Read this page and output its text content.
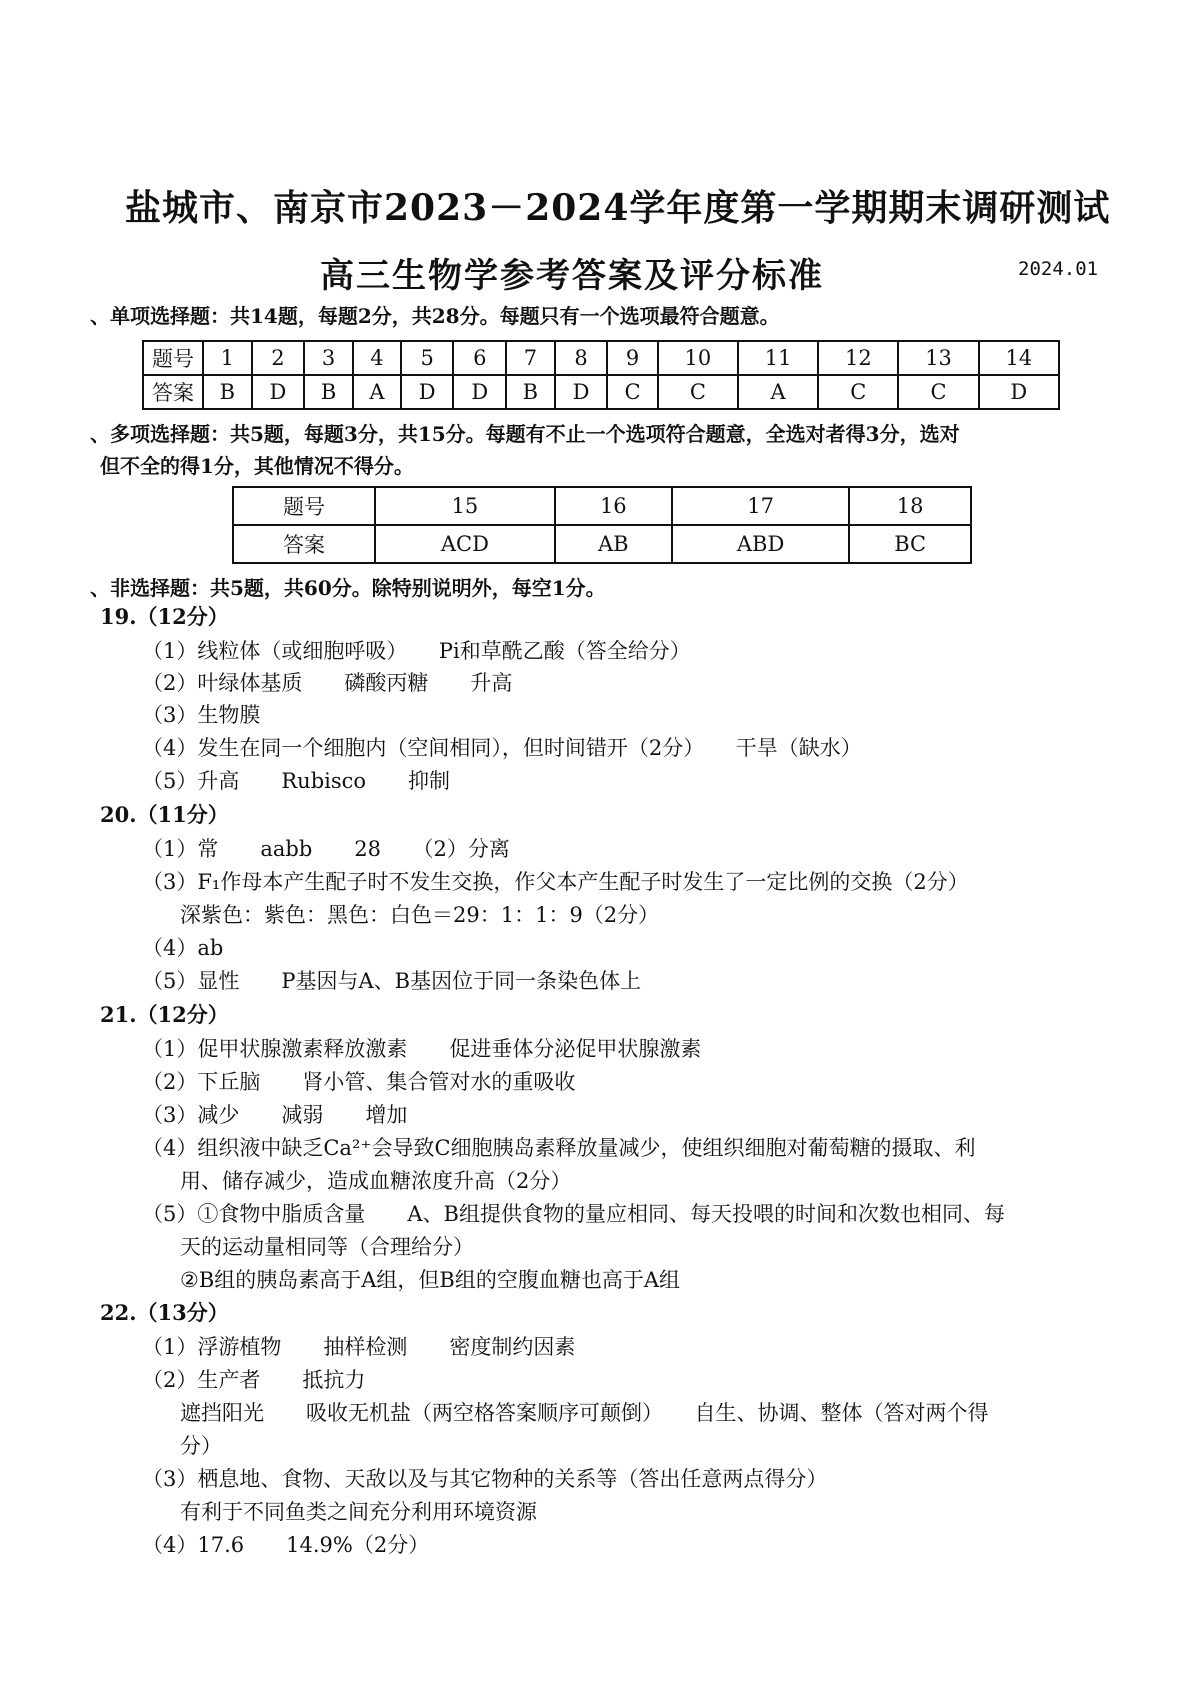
盐城市、南京市2023－2024学年度第一学期期末调研测试
高三生物学参考答案及评分标准	2024.01
、单项选择题：共14题，每题2分，共28分。每题只有一个选项最符合题意。
题号	1	2	3	4	5	6	7	8	9	10	11	12	13	14
答案	B	D	B	A	D	D	B	D	C	C	A	C	C	D
、多项选择题：共5题，每题3分，共15分。每题有不止一个选项符合题意，全选对者得3分，选对
但不全的得1分，其他情况不得分。
题号	15	16	17	18
答案	ACD	AB	ABD	BC
、非选择题：共5题，共60分。除特别说明外，每空1分。
19.（12分）
（1）线粒体（或细胞呼吸）　　Pi和草酰乙酸（答全给分）
（2）叶绿体基质　　磷酸丙糖　　升高
（3）生物膜
（4）发生在同一个细胞内（空间相同），但时间错开（2分）　　干旱（缺水）
（5）升高　　Rubisco　　抑制
20.（11分）
（1）常　　aabb　　28　　（2）分离
（3）F₁作母本产生配子时不发生交换，作父本产生配子时发生了一定比例的交换（2分）
深紫色：紫色：黑色：白色＝29：1：1：9（2分）
（4）ab
（5）显性　　P基因与A、B基因位于同一条染色体上
21.（12分）
（1）促甲状腺激素释放激素　　促进垂体分泌促甲状腺激素
（2）下丘脑　　肾小管、集合管对水的重吸收
（3）减少　　减弱　　增加
（4）组织液中缺乏Ca²⁺会导致C细胞胰岛素释放量减少，使组织细胞对葡萄糖的摄取、利
用、储存减少，造成血糖浓度升高（2分）
（5）①食物中脂质含量　　A、B组提供食物的量应相同、每天投喂的时间和次数也相同、每
天的运动量相同等（合理给分）
②B组的胰岛素高于A组，但B组的空腹血糖也高于A组
22.（13分）
（1）浮游植物　　抽样检测　　密度制约因素
（2）生产者　　抵抗力
遮挡阳光　　吸收无机盐（两空格答案顺序可颠倒）　　自生、协调、整体（答对两个得
分）
（3）栖息地、食物、天敌以及与其它物种的关系等（答出任意两点得分）
有利于不同鱼类之间充分利用环境资源
（4）17.6　　14.9%（2分）
